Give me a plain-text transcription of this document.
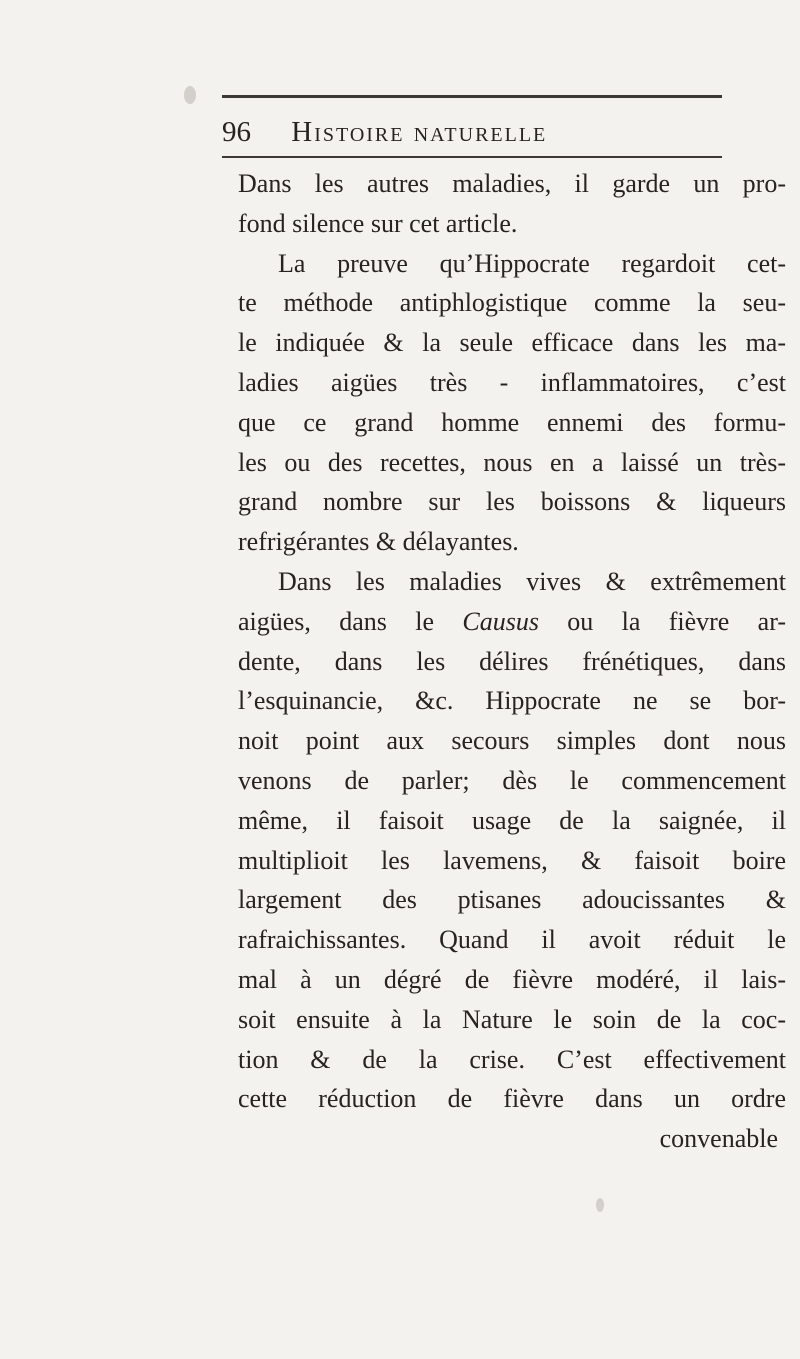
96 Histoire naturelle
Dans les autres maladies, il garde un pro-
fond silence sur cet article.
La preuve qu’Hippocrate regardoit cet-
te méthode antiphlogistique comme la seu-
le indiquée & la seule efficace dans les ma-
ladies aigües très - inflammatoires, c’est
que ce grand homme ennemi des formu-
les ou des recettes, nous en a laissé un très-
grand nombre sur les boissons & liqueurs
refrigérantes & délayantes.
Dans les maladies vives & extrêmement
aigües, dans le Causus ou la fièvre ar-
dente, dans les délires frénétiques, dans
l’esquinancie, &c. Hippocrate ne se bor-
noit point aux secours simples dont nous
venons de parler; dès le commencement
même, il faisoit usage de la saignée, il
multiplioit les lavemens, & faisoit boire
largement des ptisanes adoucissantes &
rafraichissantes. Quand il avoit réduit le
mal à un dégré de fièvre modéré, il lais-
soit ensuite à la Nature le soin de la coc-
tion & de la crise. C’est effectivement
cette réduction de fièvre dans un ordre
convenable
